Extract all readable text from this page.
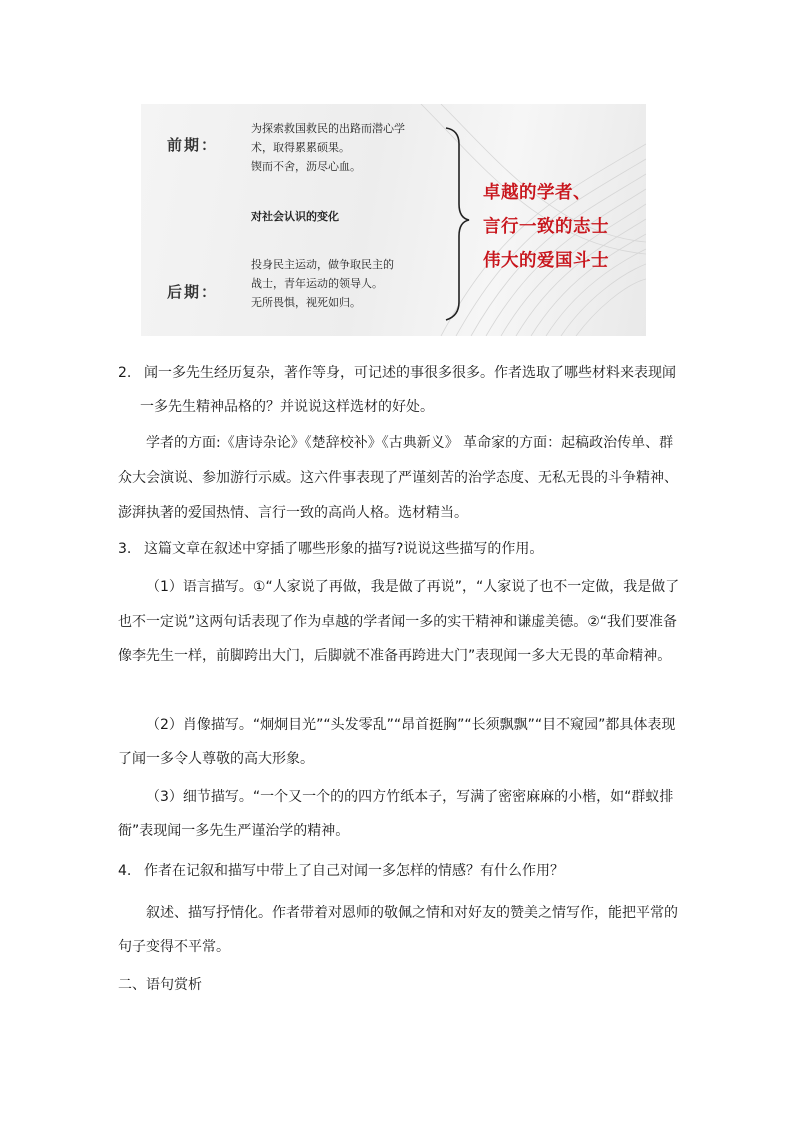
前期：
后期：
为探索救国救民的出路而潜心学
术，取得累累硕果。
锲而不舍，沥尽心血。
对社会认识的变化
投身民主运动，做争取民主的
战士，青年运动的领导人。
无所畏惧，视死如归。
卓越的学者、
言行一致的志士
伟大的爱国斗士
2. 闻一多先生经历复杂，著作等身，可记述的事很多很多。作者选取了哪些材料来表现闻
一多先生精神品格的？并说说这样选材的好处。
学者的方面:《唐诗杂论》《楚辞校补》《古典新义》 革命家的方面：起稿政治传单、群众大会演说、参加游行示威。这六件事表现了严谨刻苦的治学态度、无私无畏的斗争精神、澎湃执著的爱国热情、言行一致的高尚人格。选材精当。
3. 这篇文章在叙述中穿插了哪些形象的描写?说说这些描写的作用。
（1）语言描写。①“人家说了再做，我是做了再说”，“人家说了也不一定做，我是做了也不一定说”这两句话表现了作为卓越的学者闻一多的实干精神和谦虚美德。②“我们要准备像李先生一样，前脚跨出大门，后脚就不准备再跨进大门”表现闻一多大无畏的革命精神。
（2）肖像描写。“炯炯目光”“头发零乱”“昂首挺胸”“长须飘飘”“目不窥园”都具体表现了闻一多令人尊敬的高大形象。
（3）细节描写。“一个又一个的的四方竹纸本子，写满了密密麻麻的小楷，如“群蚁排衙”表现闻一多先生严谨治学的精神。
4. 作者在记叙和描写中带上了自己对闻一多怎样的情感？有什么作用？
叙述、描写抒情化。作者带着对恩师的敬佩之情和对好友的赞美之情写作，能把平常的句子变得不平常。
二、语句赏析
